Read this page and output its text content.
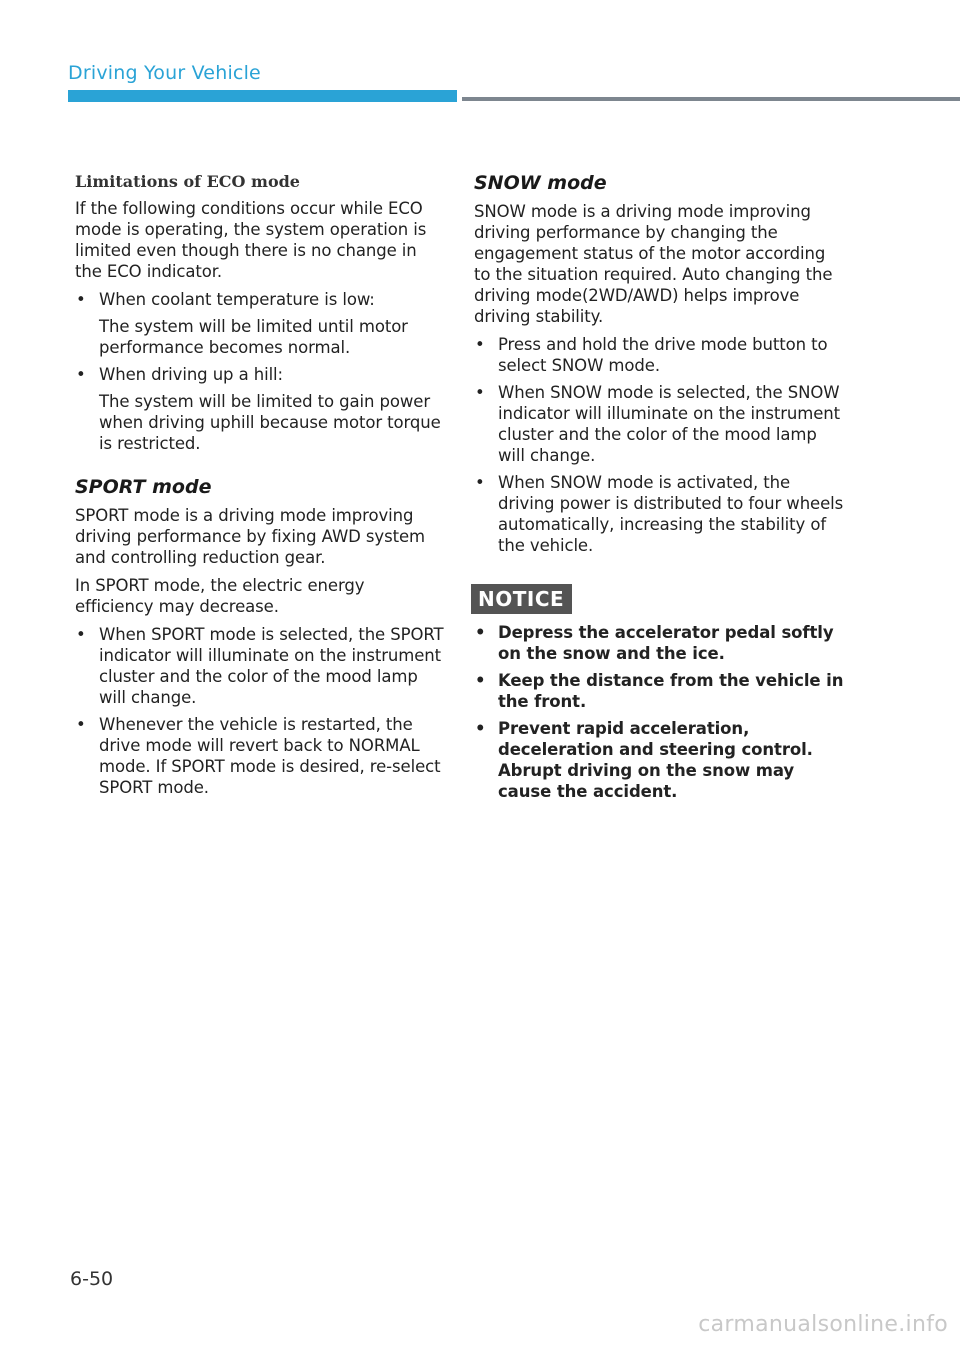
Driving Your Vehicle
Limitations of ECO mode

If the following conditions occur while ECO mode is operating, the system operation is limited even though there is no change in the ECO indicator.

• When coolant temperature is low:
The system will be limited until motor performance becomes normal.
• When driving up a hill:
The system will be limited to gain power when driving uphill because motor torque is restricted.
SPORT mode

SPORT mode is a driving mode improving driving performance by fixing AWD system and controlling reduction gear.

In SPORT mode, the electric energy efficiency may decrease.

• When SPORT mode is selected, the SPORT indicator will illuminate on the instrument cluster and the color of the mood lamp will change.
• Whenever the vehicle is restarted, the drive mode will revert back to NORMAL mode. If SPORT mode is desired, re-select SPORT mode.
SNOW mode

SNOW mode is a driving mode improving driving performance by changing the engagement status of the motor according to the situation required. Auto changing the driving mode(2WD/AWD) helps improve driving stability.

• Press and hold the drive mode button to select SNOW mode.
• When SNOW mode is selected, the SNOW indicator will illuminate on the instrument cluster and the color of the mood lamp will change.
• When SNOW mode is activated, the driving power is distributed to four wheels automatically, increasing the stability of the vehicle.
NOTICE
• Depress the accelerator pedal softly on the snow and the ice.
• Keep the distance from the vehicle in the front.
• Prevent rapid acceleration, deceleration and steering control. Abrupt driving on the snow may cause the accident.
6-50
carmanualsonline.info
